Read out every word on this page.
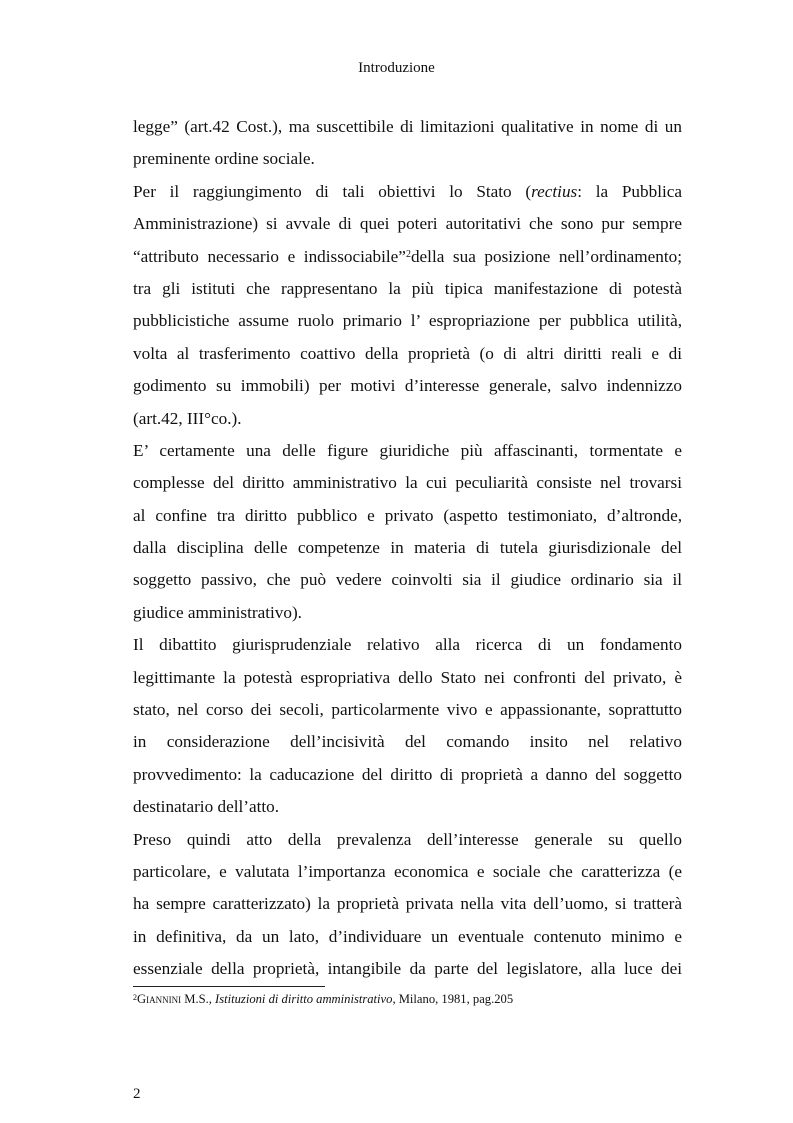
Introduzione
legge” (art.42 Cost.), ma suscettibile di limitazioni qualitative in nome di un
preminente ordine sociale.
Per il raggiungimento di tali obiettivi lo Stato (rectius: la Pubblica
Amministrazione) si avvale di quei poteri autoritativi che sono pur sempre
“attributo necessario e indissociabile”$^2$della sua posizione nell’ordinamento;
tra gli istituti che rappresentano la più tipica manifestazione di potestà
pubblicistiche assume ruolo primario l’ espropriazione per pubblica utilità,
volta al trasferimento coattivo della proprietà (o di altri diritti reali e di
godimento su immobili) per motivi d’interesse generale, salvo indennizzo
(art.42, III°co.).
E’ certamente una delle figure giuridiche più affascinanti, tormentate e
complesse del diritto amministrativo la cui peculiarità consiste nel trovarsi
al confine tra diritto pubblico e privato (aspetto testimoniato, d’altronde,
dalla disciplina delle competenze in materia di tutela giurisdizionale del
soggetto passivo, che può vedere coinvolti sia il giudice ordinario sia il
giudice amministrativo).
Il dibattito giurisprudenziale relativo alla ricerca di un fondamento
legittimante la potestà espropriativa dello Stato nei confronti del privato, è
stato, nel corso dei secoli, particolarmente vivo e appassionante, soprattutto
in considerazione dell’incisività del comando insito nel relativo
provvedimento: la caducazione del diritto di proprietà a danno del soggetto
destinatario dell’atto.
Preso quindi atto della prevalenza dell’interesse generale su quello
particolare, e valutata l’importanza economica e sociale che caratterizza (e
ha sempre caratterizzato) la proprietà privata nella vita dell’uomo, si tratterà
in definitiva, da un lato, d’individuare un eventuale contenuto minimo e
essenziale della proprietà, intangibile da parte del legislatore, alla luce dei
$^2$Giannini M.S., Istituzioni di diritto amministrativo, Milano, 1981, pag.205
2
